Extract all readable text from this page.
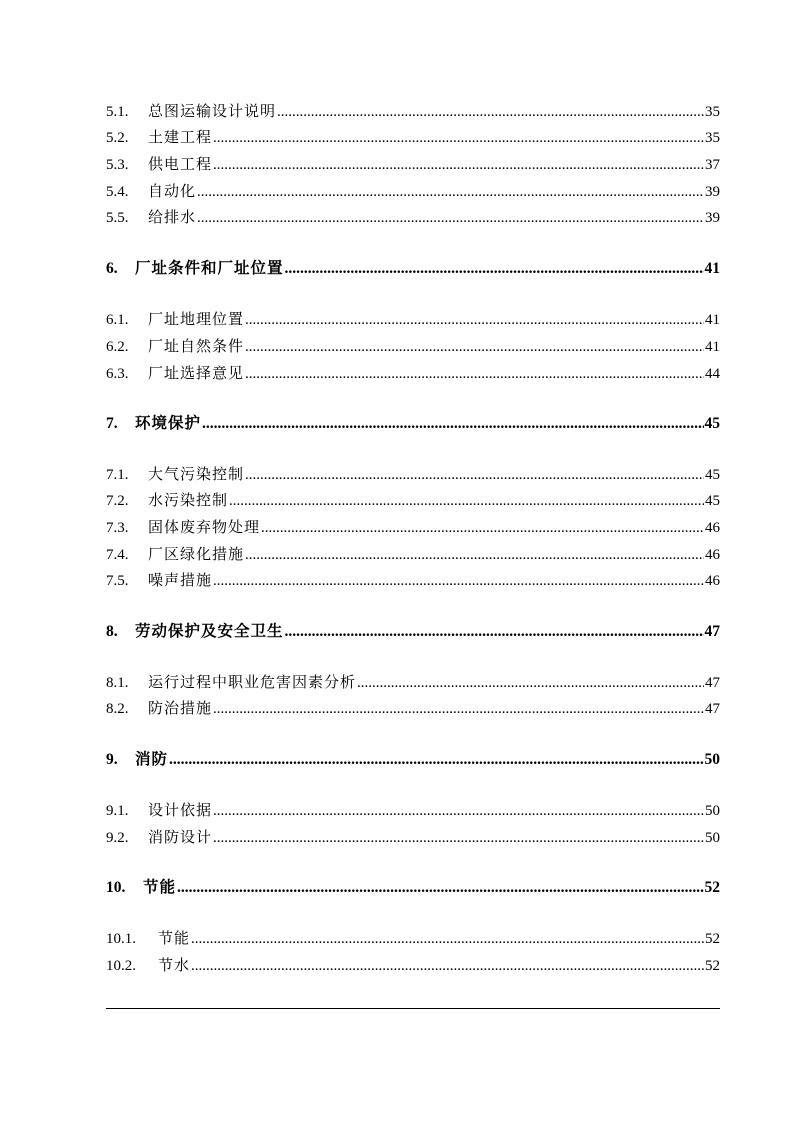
5.1.	总图运输设计说明 .....	35
5.2.	土建工程 .....	35
5.3.	供电工程 .....	37
5.4.	自动化 .....	39
5.5.	给排水 .....	39
6.	厂址条件和厂址位置 .....	41
6.1.	厂址地理位置 .....	41
6.2.	厂址自然条件 .....	41
6.3.	厂址选择意见 .....	44
7.	环境保护 .....	45
7.1.	大气污染控制 .....	45
7.2.	水污染控制 .....	45
7.3.	固体废弃物处理 .....	46
7.4.	厂区绿化措施 .....	46
7.5.	噪声措施 .....	46
8.	劳动保护及安全卫生 .....	47
8.1.	运行过程中职业危害因素分析 .....	47
8.2.	防治措施 .....	47
9.	消防 .....	50
9.1.	设计依据 .....	50
9.2.	消防设计 .....	50
10.	节能 .....	52
10.1.	节能 .....	52
10.2.	节水 .....	52
